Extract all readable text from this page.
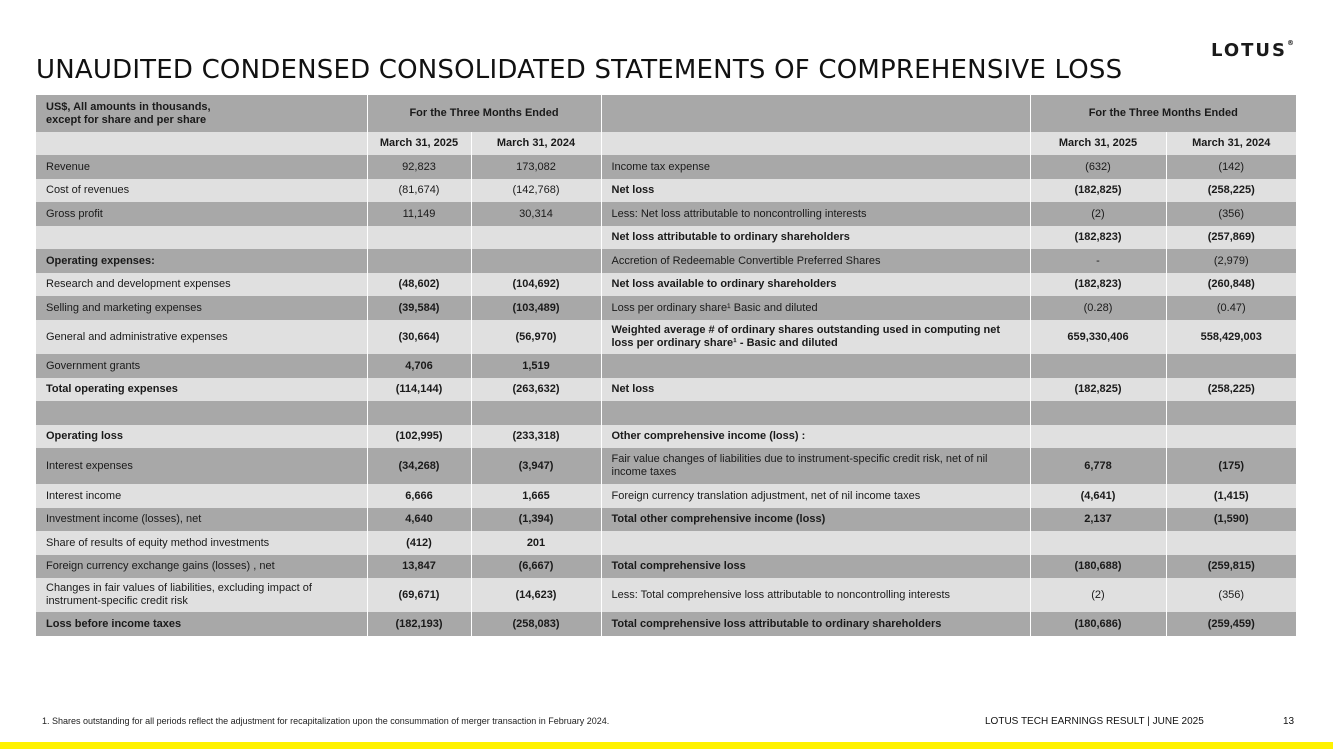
LOTUS®
UNAUDITED CONDENSED CONSOLIDATED STATEMENTS OF COMPREHENSIVE LOSS
US$, All amounts in thousands,
except for share and per share	For the Three Months Ended			For the Three Months Ended	
	March 31, 2025	March 31, 2024		March 31, 2025	March 31, 2024
Revenue	92,823	173,082	Income tax expense	(632)	(142)
Cost of revenues	(81,674)	(142,768)	Net loss	(182,825)	(258,225)
Gross profit	11,149	30,314	Less: Net loss attributable to noncontrolling interests	(2)	(356)
			Net loss attributable to ordinary shareholders	(182,823)	(257,869)
Operating expenses:			Accretion of Redeemable Convertible Preferred Shares	-	(2,979)
Research and development expenses	(48,602)	(104,692)	Net loss available to ordinary shareholders	(182,823)	(260,848)
Selling and marketing expenses	(39,584)	(103,489)	Loss per ordinary share¹ Basic and diluted	(0.28)	(0.47)
General and administrative expenses	(30,664)	(56,970)	Weighted average # of ordinary shares outstanding used in computing net loss per ordinary share¹ - Basic and diluted	659,330,406	558,429,003
Government grants	4,706	1,519			
Total operating expenses	(114,144)	(263,632)	Net loss	(182,825)	(258,225)

Operating loss	(102,995)	(233,318)	Other comprehensive income (loss) :		
Interest expenses	(34,268)	(3,947)	Fair value changes of liabilities due to instrument-specific credit risk, net of nil income taxes	6,778	(175)
Interest income	6,666	1,665	Foreign currency translation adjustment, net of nil income taxes	(4,641)	(1,415)
Investment income (losses), net	4,640	(1,394)	Total other comprehensive income (loss)	2,137	(1,590)
Share of results of equity method investments	(412)	201			
Foreign currency exchange gains (losses) , net	13,847	(6,667)	Total comprehensive loss	(180,688)	(259,815)
Changes in fair values of liabilities, excluding impact of instrument-specific credit risk	(69,671)	(14,623)	Less: Total comprehensive loss attributable to noncontrolling interests	(2)	(356)
Loss before income taxes	(182,193)	(258,083)	Total comprehensive loss attributable to ordinary shareholders	(180,686)	(259,459)
1. Shares outstanding for all periods reflect the adjustment for recapitalization upon the consummation of merger transaction in February 2024.	LOTUS TECH EARNINGS RESULT | JUNE 2025	13
